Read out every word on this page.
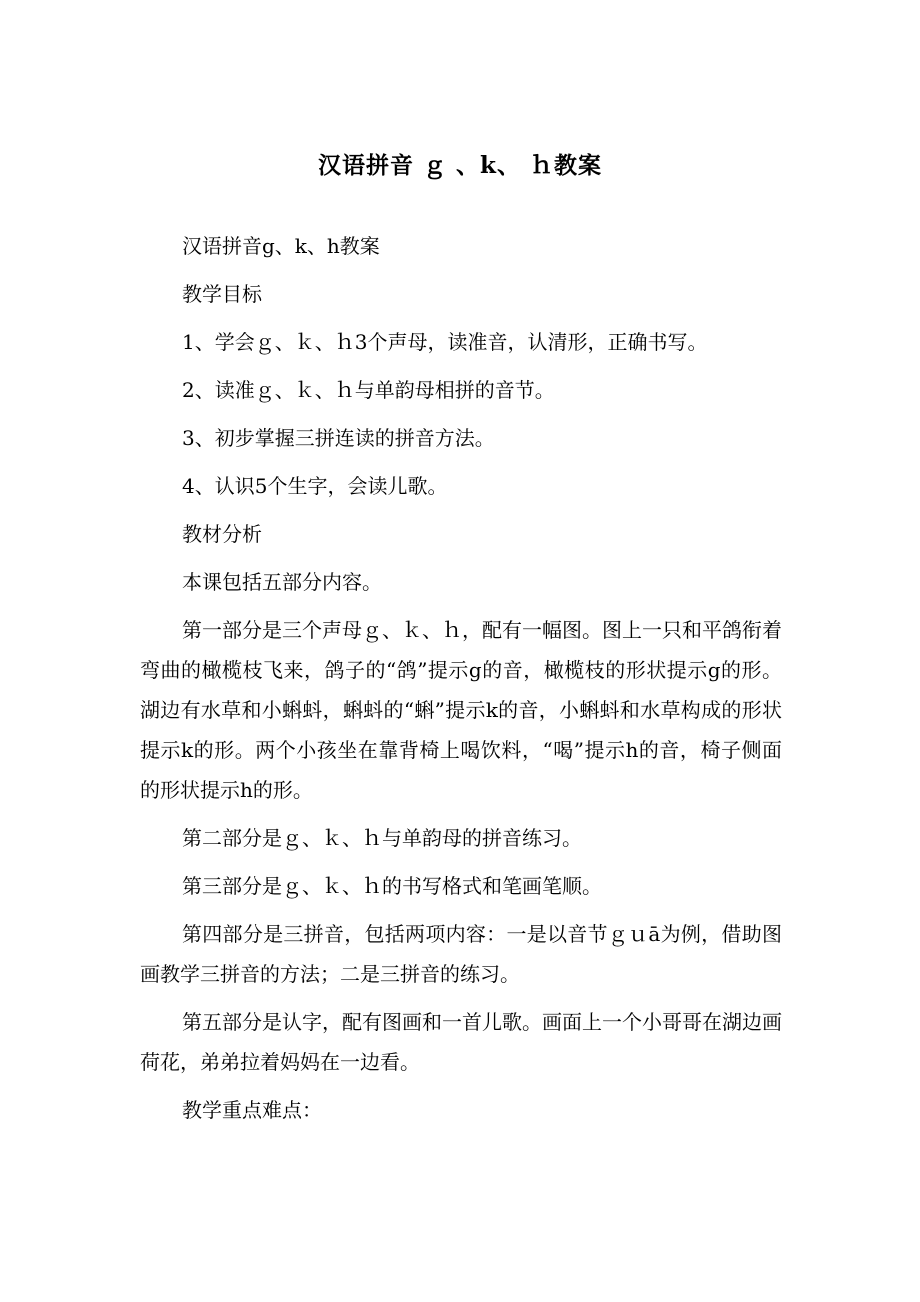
汉语拼音 ｇ 、k、 ｈ教案

汉语拼音g、k、h教案

教学目标

1、学会ｇ、ｋ、ｈ3个声母，读准音，认清形，正确书写。

2、读准ｇ、ｋ、ｈ与单韵母相拼的音节。

3、初步掌握三拼连读的拼音方法。

4、认识5个生字，会读儿歌。

教材分析

本课包括五部分内容。

第一部分是三个声母ｇ、ｋ、ｈ，配有一幅图。图上一只和平鸽衔着弯曲的橄榄枝飞来，鸽子的“鸽”提示g的音，橄榄枝的形状提示g的形。湖边有水草和小蝌蚪，蝌蚪的“蝌”提示k的音，小蝌蚪和水草构成的形状提示k的形。两个小孩坐在靠背椅上喝饮料，“喝”提示h的音，椅子侧面的形状提示h的形。

第二部分是ｇ、ｋ、ｈ与单韵母的拼音练习。

第三部分是ｇ、ｋ、ｈ的书写格式和笔画笔顺。

第四部分是三拼音，包括两项内容：一是以音节ｇｕā为例，借助图画教学三拼音的方法；二是三拼音的练习。

第五部分是认字，配有图画和一首儿歌。画面上一个小哥哥在湖边画荷花，弟弟拉着妈妈在一边看。

教学重点难点：
